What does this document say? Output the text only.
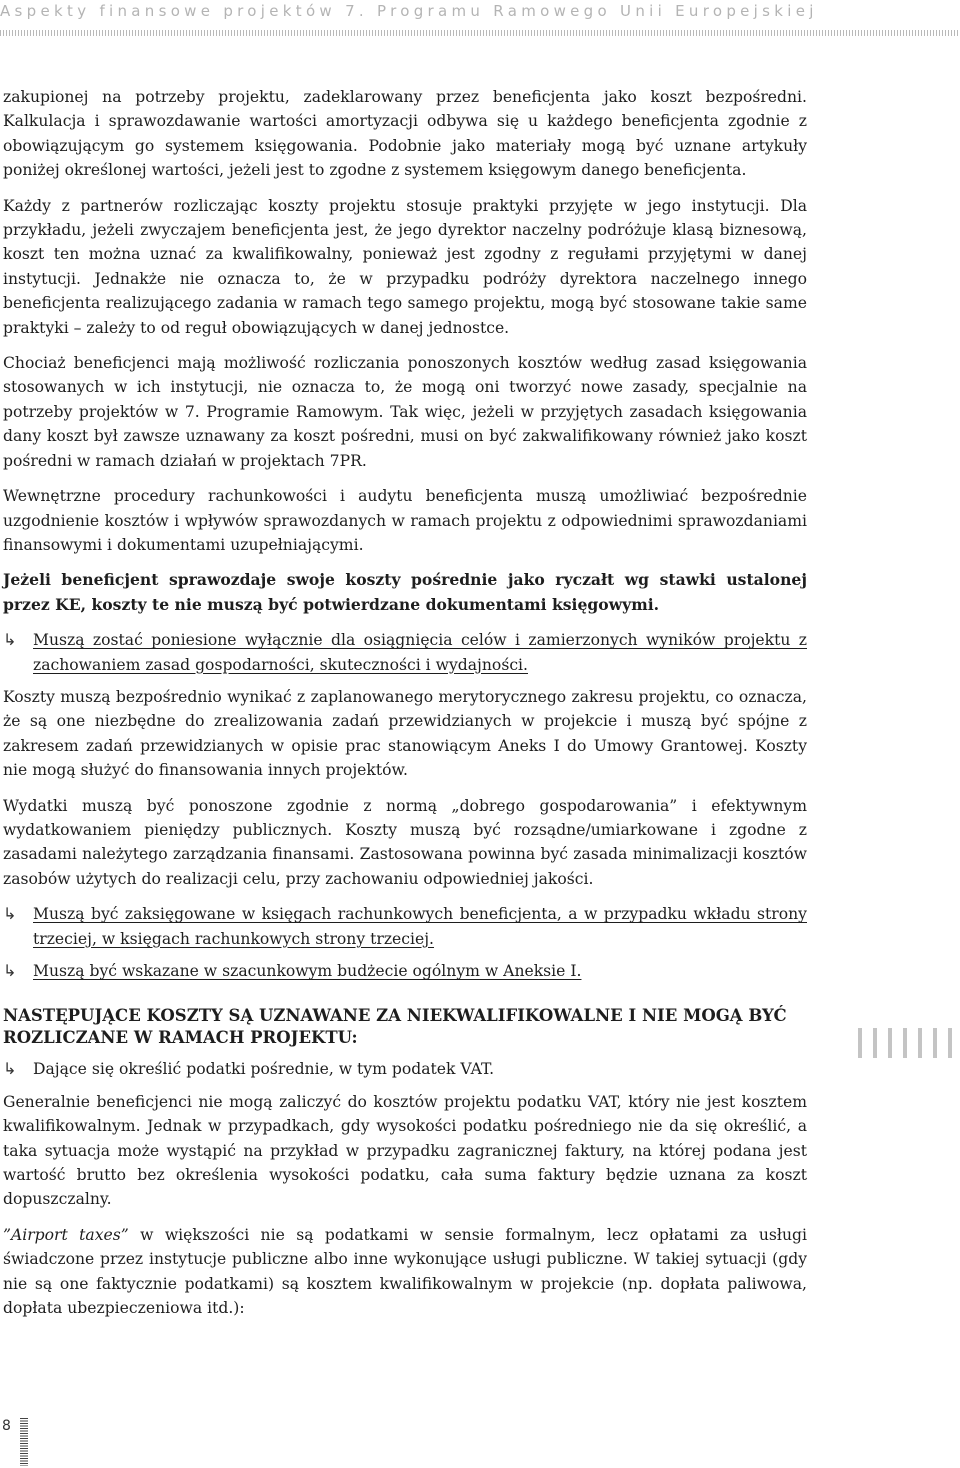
Aspekty finansowe projektów 7. Programu Ramowego Unii Europejskiej

zakupionej na potrzeby projektu, zadeklarowany przez beneficjenta jako koszt bezpośredni. Kalkulacja i sprawozdawanie wartości amortyzacji odbywa się u każdego beneficjenta zgodnie z obowiązującym go systemem księgowania. Podobnie jako materiały mogą być uznane artykuły poniżej określonej wartości, jeżeli jest to zgodne z systemem księgowym danego beneficjenta.

Każdy z partnerów rozliczając koszty projektu stosuje praktyki przyjęte w jego instytucji. Dla przykładu, jeżeli zwyczajem beneficjenta jest, że jego dyrektor naczelny podróżuje klasą biznesową, koszt ten można uznać za kwalifikowalny, ponieważ jest zgodny z regułami przyjętymi w danej instytucji. Jednakże nie oznacza to, że w przypadku podróży dyrektora naczelnego innego beneficjenta realizującego zadania w ramach tego samego projektu, mogą być stosowane takie same praktyki – zależy to od reguł obowiązujących w danej jednostce.

Chociaż beneficjenci mają możliwość rozliczania ponoszonych kosztów według zasad księgowania stosowanych w ich instytucji, nie oznacza to, że mogą oni tworzyć nowe zasady, specjalnie na potrzeby projektów w 7. Programie Ramowym. Tak więc, jeżeli w przyjętych zasadach księgowania dany koszt był zawsze uznawany za koszt pośredni, musi on być zakwalifikowany również jako koszt pośredni w ramach działań w projektach 7PR.

Wewnętrzne procedury rachunkowości i audytu beneficjenta muszą umożliwiać bezpośrednie uzgodnienie kosztów i wpływów sprawozdanych w ramach projektu z odpowiednimi sprawozdaniami finansowymi i dokumentami uzupełniającymi.

Jeżeli beneficjent sprawozdaje swoje koszty pośrednie jako ryczałt wg stawki ustalonej przez KE, koszty te nie muszą być potwierdzane dokumentami księgowymi.

↳ Muszą zostać poniesione wyłącznie dla osiągnięcia celów i zamierzonych wyników projektu z zachowaniem zasad gospodarności, skuteczności i wydajności.

Koszty muszą bezpośrednio wynikać z zaplanowanego merytorycznego zakresu projektu, co oznacza, że są one niezbędne do zrealizowania zadań przewidzianych w projekcie i muszą być spójne z zakresem zadań przewidzianych w opisie prac stanowiącym Aneks I do Umowy Grantowej. Koszty nie mogą służyć do finansowania innych projektów.

Wydatki muszą być ponoszone zgodnie z normą „dobrego gospodarowania” i efektywnym wydatkowaniem pieniędzy publicznych. Koszty muszą być rozsądne/umiarkowane i zgodne z zasadami należytego zarządzania finansami. Zastosowana powinna być zasada minimalizacji kosztów zasobów użytych do realizacji celu, przy zachowaniu odpowiedniej jakości.

↳ Muszą być zaksięgowane w księgach rachunkowych beneficjenta, a w przypadku wkładu strony trzeciej, w księgach rachunkowych strony trzeciej.

↳ Muszą być wskazane w szacunkowym budżecie ogólnym w Aneksie I.

NASTĘPUJĄCE KOSZTY SĄ UZNAWANE ZA NIEKWALIFIKOWALNE I NIE MOGĄ BYĆ ROZLICZANE W RAMACH PROJEKTU:
↳ Dające się określić podatki pośrednie, w tym podatek VAT.

Generalnie beneficjenci nie mogą zaliczyć do kosztów projektu podatku VAT, który nie jest kosztem kwalifikowalnym. Jednak w przypadkach, gdy wysokości podatku pośredniego nie da się określić, a taka sytuacja może wystąpić na przykład w przypadku zagranicznej faktury, na której podana jest wartość brutto bez określenia wysokości podatku, cała suma faktury będzie uznana za koszt dopuszczalny.

”Airport taxes” w większości nie są podatkami w sensie formalnym, lecz opłatami za usługi świadczone przez instytucje publiczne albo inne wykonujące usługi publiczne. W takiej sytuacji (gdy nie są one faktycznie podatkami) są kosztem kwalifikowalnym w projekcie (np. dopłata paliwowa, dopłata ubezpieczeniowa itd.):

8
